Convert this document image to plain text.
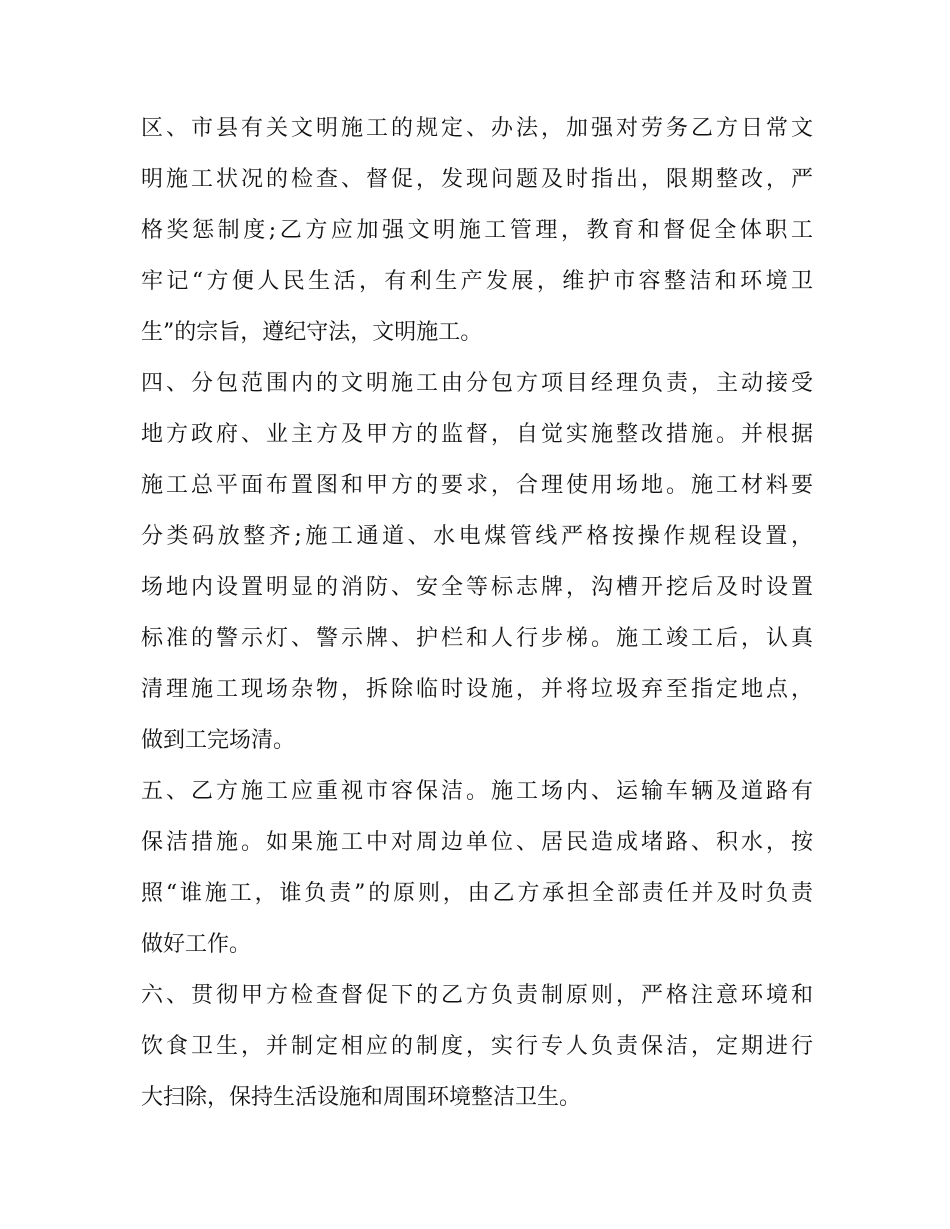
区、市县有关文明施工的规定、办法，加强对劳务乙方日常文
明施工状况的检查、督促，发现问题及时指出，限期整改，严
格奖惩制度;乙方应加强文明施工管理，教育和督促全体职工
牢记“方便人民生活，有利生产发展，维护市容整洁和环境卫
生”的宗旨，遵纪守法，文明施工。
四、分包范围内的文明施工由分包方项目经理负责，主动接受
地方政府、业主方及甲方的监督，自觉实施整改措施。并根据
施工总平面布置图和甲方的要求，合理使用场地。施工材料要
分类码放整齐;施工通道、水电煤管线严格按操作规程设置，
场地内设置明显的消防、安全等标志牌，沟槽开挖后及时设置
标准的警示灯、警示牌、护栏和人行步梯。施工竣工后，认真
清理施工现场杂物，拆除临时设施，并将垃圾弃至指定地点，
做到工完场清。
五、乙方施工应重视市容保洁。施工场内、运输车辆及道路有
保洁措施。如果施工中对周边单位、居民造成堵路、积水，按
照“谁施工，谁负责”的原则，由乙方承担全部责任并及时负责
做好工作。
六、贯彻甲方检查督促下的乙方负责制原则，严格注意环境和
饮食卫生，并制定相应的制度，实行专人负责保洁，定期进行
大扫除，保持生活设施和周围环境整洁卫生。
